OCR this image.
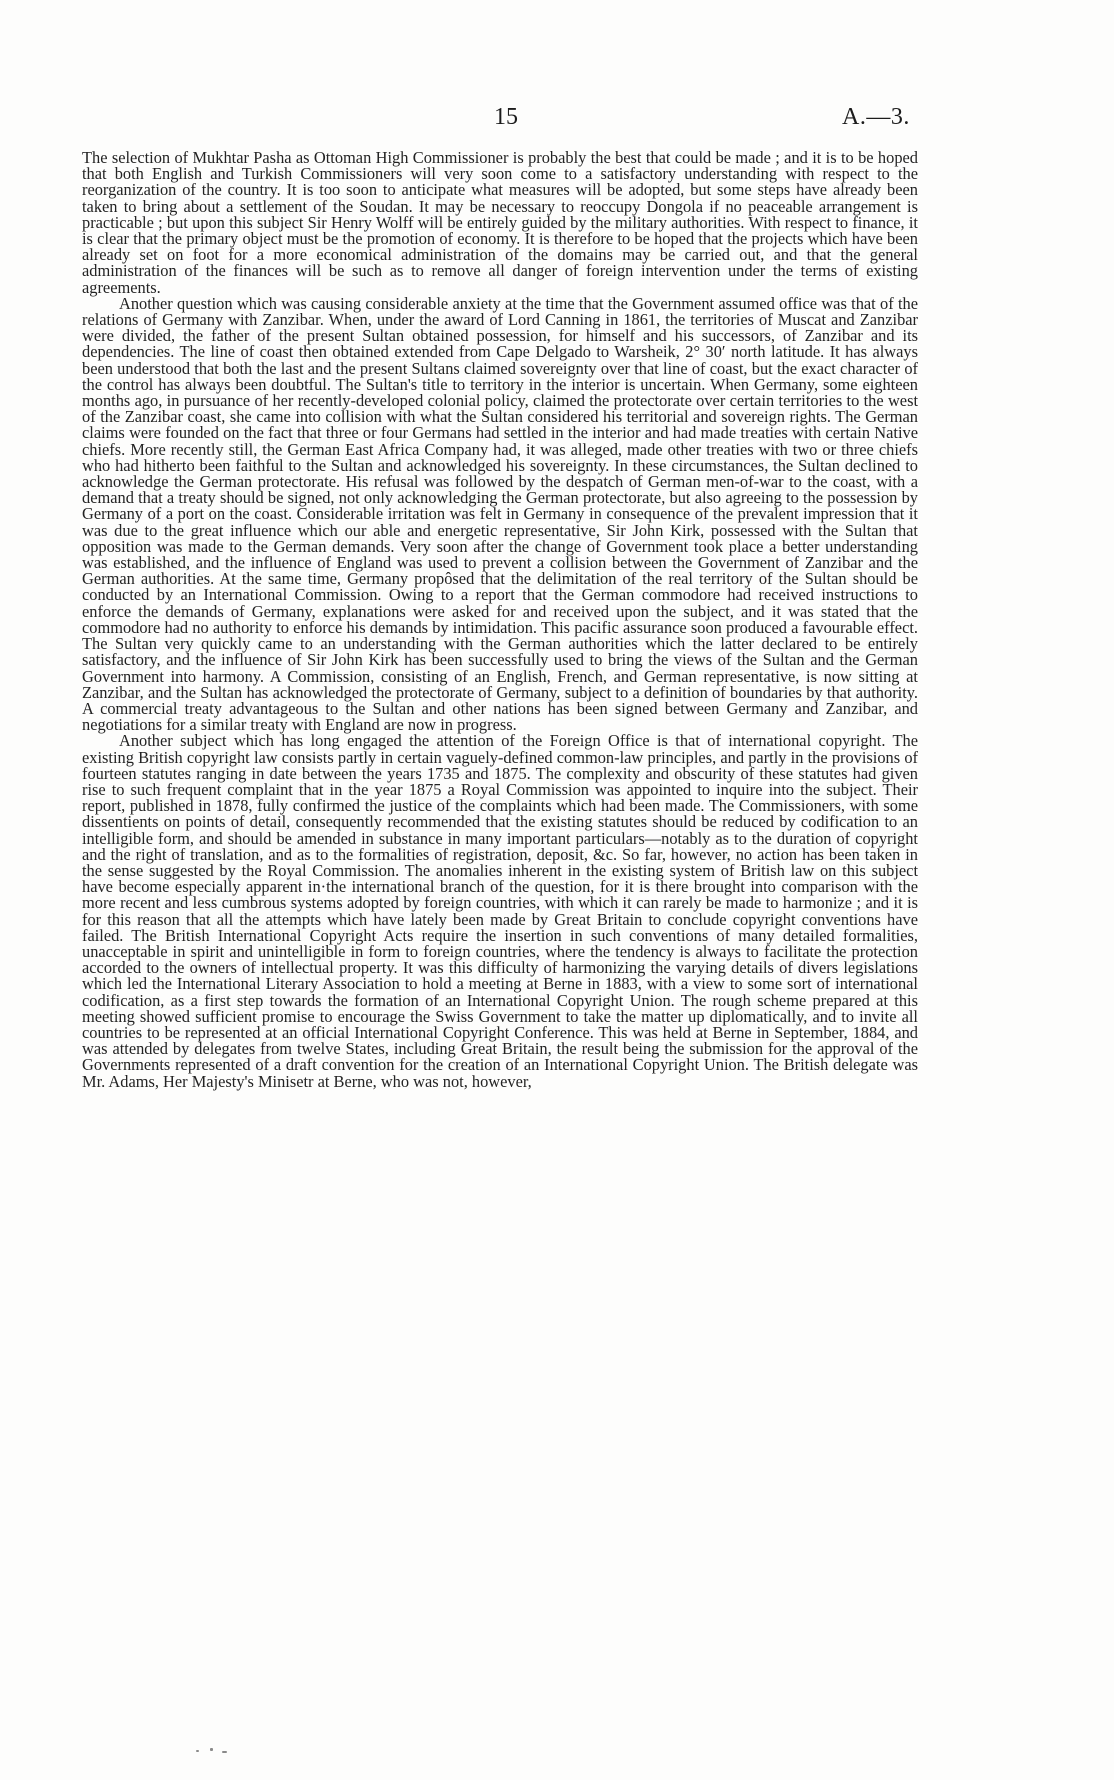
15	A.—3.

The selection of Mukhtar Pasha as Ottoman High Commissioner is probably the best that could be made ; and it is to be hoped that both English and Turkish Commissioners will very soon come to a satisfactory understanding with respect to the reorganization of the country. It is too soon to anticipate what measures will be adopted, but some steps have already been taken to bring about a settlement of the Soudan. It may be necessary to reoccupy Dongola if no peaceable arrangement is practicable ; but upon this subject Sir Henry Wolff will be entirely guided by the military authorities. With respect to finance, it is clear that the primary object must be the promotion of economy. It is therefore to be hoped that the projects which have been already set on foot for a more economical administration of the domains may be carried out, and that the general administration of the finances will be such as to remove all danger of foreign intervention under the terms of existing agreements.

Another question which was causing considerable anxiety at the time that the Government assumed office was that of the relations of Germany with Zanzibar. When, under the award of Lord Canning in 1861, the territories of Muscat and Zanzibar were divided, the father of the present Sultan obtained possession, for himself and his successors, of Zanzibar and its dependencies. The line of coast then obtained extended from Cape Delgado to Warsheik, 2° 30′ north latitude. It has always been understood that both the last and the present Sultans claimed sovereignty over that line of coast, but the exact character of the control has always been doubtful. The Sultan's title to territory in the interior is uncertain. When Germany, some eighteen months ago, in pursuance of her recently-developed colonial policy, claimed the protectorate over certain territories to the west of the Zanzibar coast, she came into collision with what the Sultan considered his territorial and sovereign rights. The German claims were founded on the fact that three or four Germans had settled in the interior and had made treaties with certain Native chiefs. More recently still, the German East Africa Company had, it was alleged, made other treaties with two or three chiefs who had hitherto been faithful to the Sultan and acknowledged his sovereignty. In these circumstances, the Sultan declined to acknowledge the German protectorate. His refusal was followed by the despatch of German men-of-war to the coast, with a demand that a treaty should be signed, not only acknowledging the German protectorate, but also agreeing to the possession by Germany of a port on the coast. Considerable irritation was felt in Germany in consequence of the prevalent impression that it was due to the great influence which our able and energetic representative, Sir John Kirk, possessed with the Sultan that opposition was made to the German demands. Very soon after the change of Government took place a better understanding was established, and the influence of England was used to prevent a collision between the Government of Zanzibar and the German authorities. At the same time, Germany propôsed that the delimitation of the real territory of the Sultan should be conducted by an International Commission. Owing to a report that the German commodore had received instructions to enforce the demands of Germany, explanations were asked for and received upon the subject, and it was stated that the commodore had no authority to enforce his demands by intimidation. This pacific assurance soon produced a favourable effect. The Sultan very quickly came to an understanding with the German authorities which the latter declared to be entirely satisfactory, and the influence of Sir John Kirk has been successfully used to bring the views of the Sultan and the German Government into harmony. A Commission, consisting of an English, French, and German representative, is now sitting at Zanzibar, and the Sultan has acknowledged the protectorate of Germany, subject to a definition of boundaries by that authority. A commercial treaty advantageous to the Sultan and other nations has been signed between Germany and Zanzibar, and negotiations for a similar treaty with England are now in progress.

Another subject which has long engaged the attention of the Foreign Office is that of international copyright. The existing British copyright law consists partly in certain vaguely-defined common-law principles, and partly in the provisions of fourteen statutes ranging in date between the years 1735 and 1875. The complexity and obscurity of these statutes had given rise to such frequent complaint that in the year 1875 a Royal Commission was appointed to inquire into the subject. Their report, published in 1878, fully confirmed the justice of the complaints which had been made. The Commissioners, with some dissentients on points of detail, consequently recommended that the existing statutes should be reduced by codification to an intelligible form, and should be amended in substance in many important particulars—notably as to the duration of copyright and the right of translation, and as to the formalities of registration, deposit, &c. So far, however, no action has been taken in the sense suggested by the Royal Commission. The anomalies inherent in the existing system of British law on this subject have become especially apparent in·the international branch of the question, for it is there brought into comparison with the more recent and less cumbrous systems adopted by foreign countries, with which it can rarely be made to harmonize ; and it is for this reason that all the attempts which have lately been made by Great Britain to conclude copyright conventions have failed. The British International Copyright Acts require the insertion in such conventions of many detailed formalities, unacceptable in spirit and unintelligible in form to foreign countries, where the tendency is always to facilitate the protection accorded to the owners of intellectual property. It was this difficulty of harmonizing the varying details of divers legislations which led the International Literary Association to hold a meeting at Berne in 1883, with a view to some sort of international codification, as a first step towards the formation of an International Copyright Union. The rough scheme prepared at this meeting showed sufficient promise to encourage the Swiss Government to take the matter up diplomatically, and to invite all countries to be represented at an official International Copyright Conference. This was held at Berne in September, 1884, and was attended by delegates from twelve States, including Great Britain, the result being the submission for the approval of the Governments represented of a draft convention for the creation of an International Copyright Union. The British delegate was Mr. Adams, Her Majesty's Minisetr at Berne, who was not, however,
